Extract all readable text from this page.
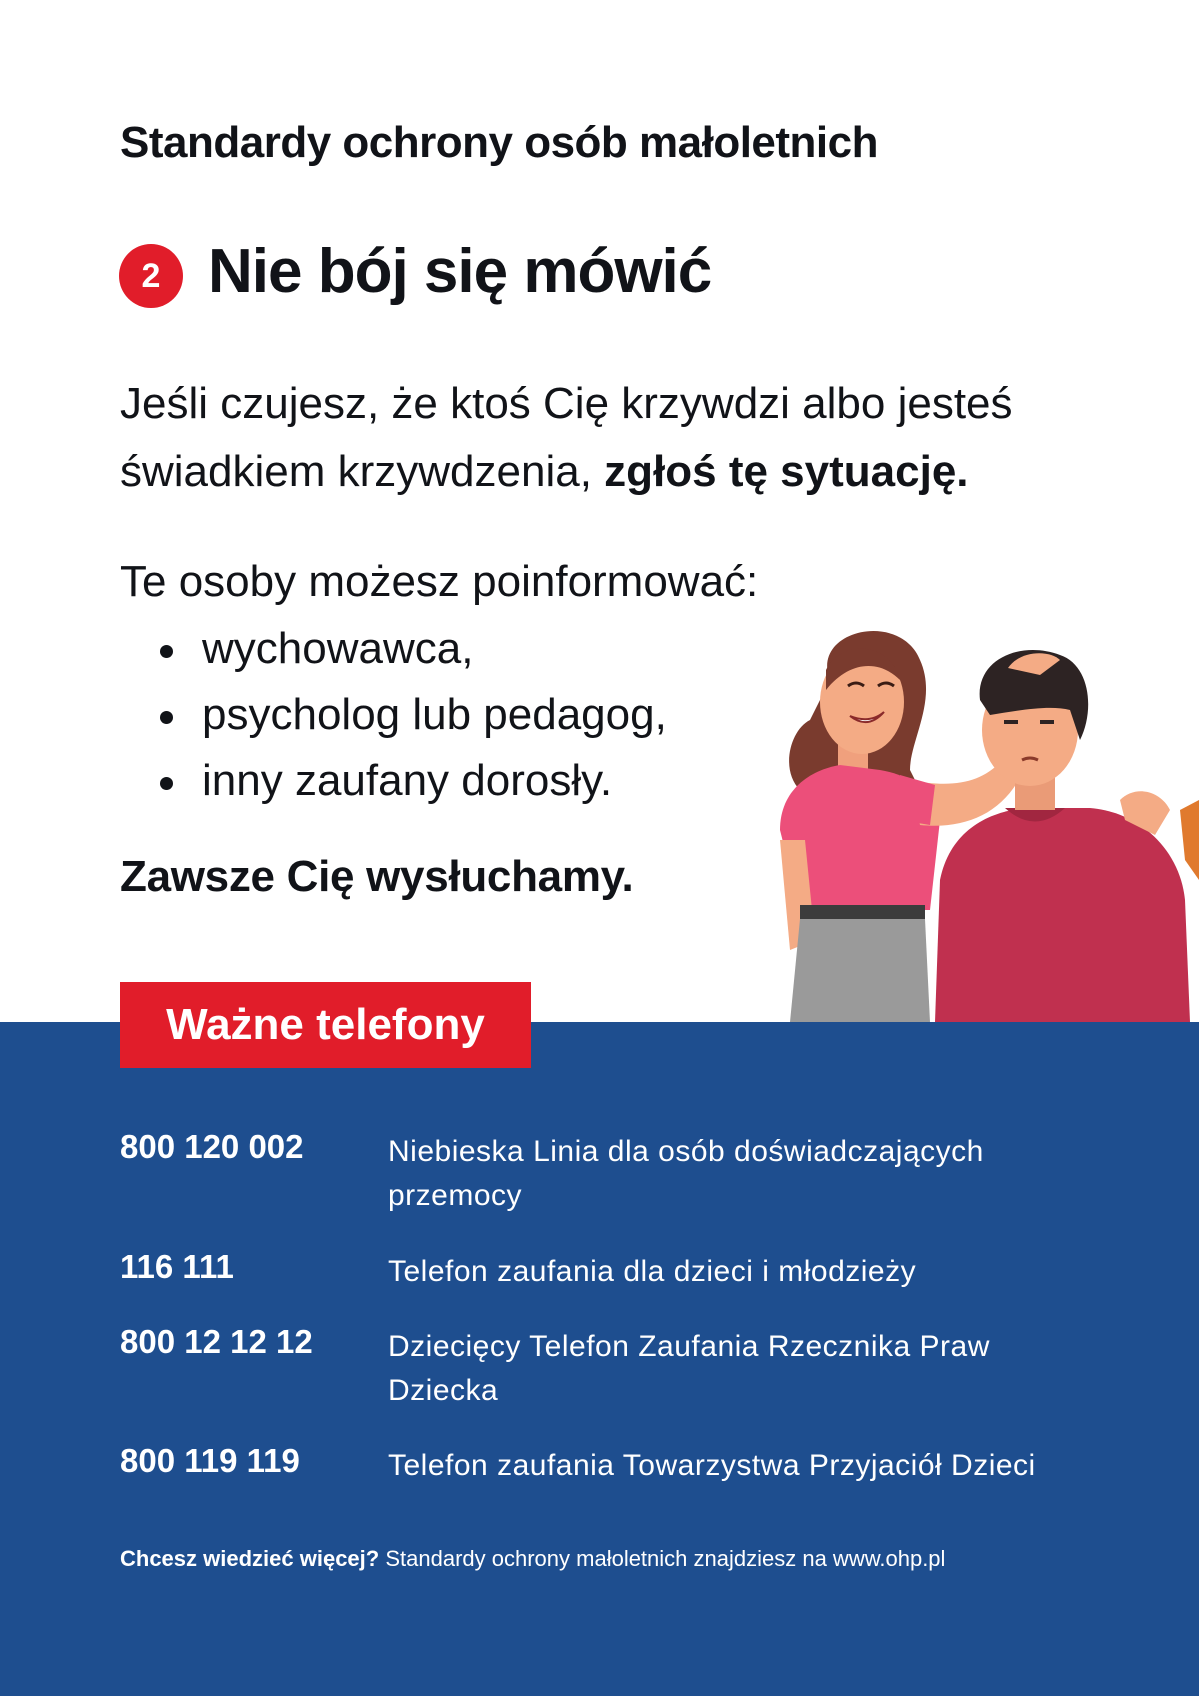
Standardy ochrony osób małoletnich
2 Nie bój się mówić
Jeśli czujesz, że ktoś Cię krzywdzi albo jesteś świadkiem krzywdzenia, zgłoś tę sytuację.
Te osoby możesz poinformować:
wychowawca,
psycholog lub pedagog,
inny zaufany dorosły.
Zawsze Cię wysłuchamy.
Ważne telefony
800 120 002	Niebieska Linia dla osób doświadczających przemocy
116 111	Telefon zaufania dla dzieci i młodzieży
800 12 12 12	Dziecięcy Telefon Zaufania Rzecznika Praw Dziecka
800 119 119	Telefon zaufania Towarzystwa Przyjaciół Dzieci
Chcesz wiedzieć więcej? Standardy ochrony małoletnich znajdziesz na www.ohp.pl
